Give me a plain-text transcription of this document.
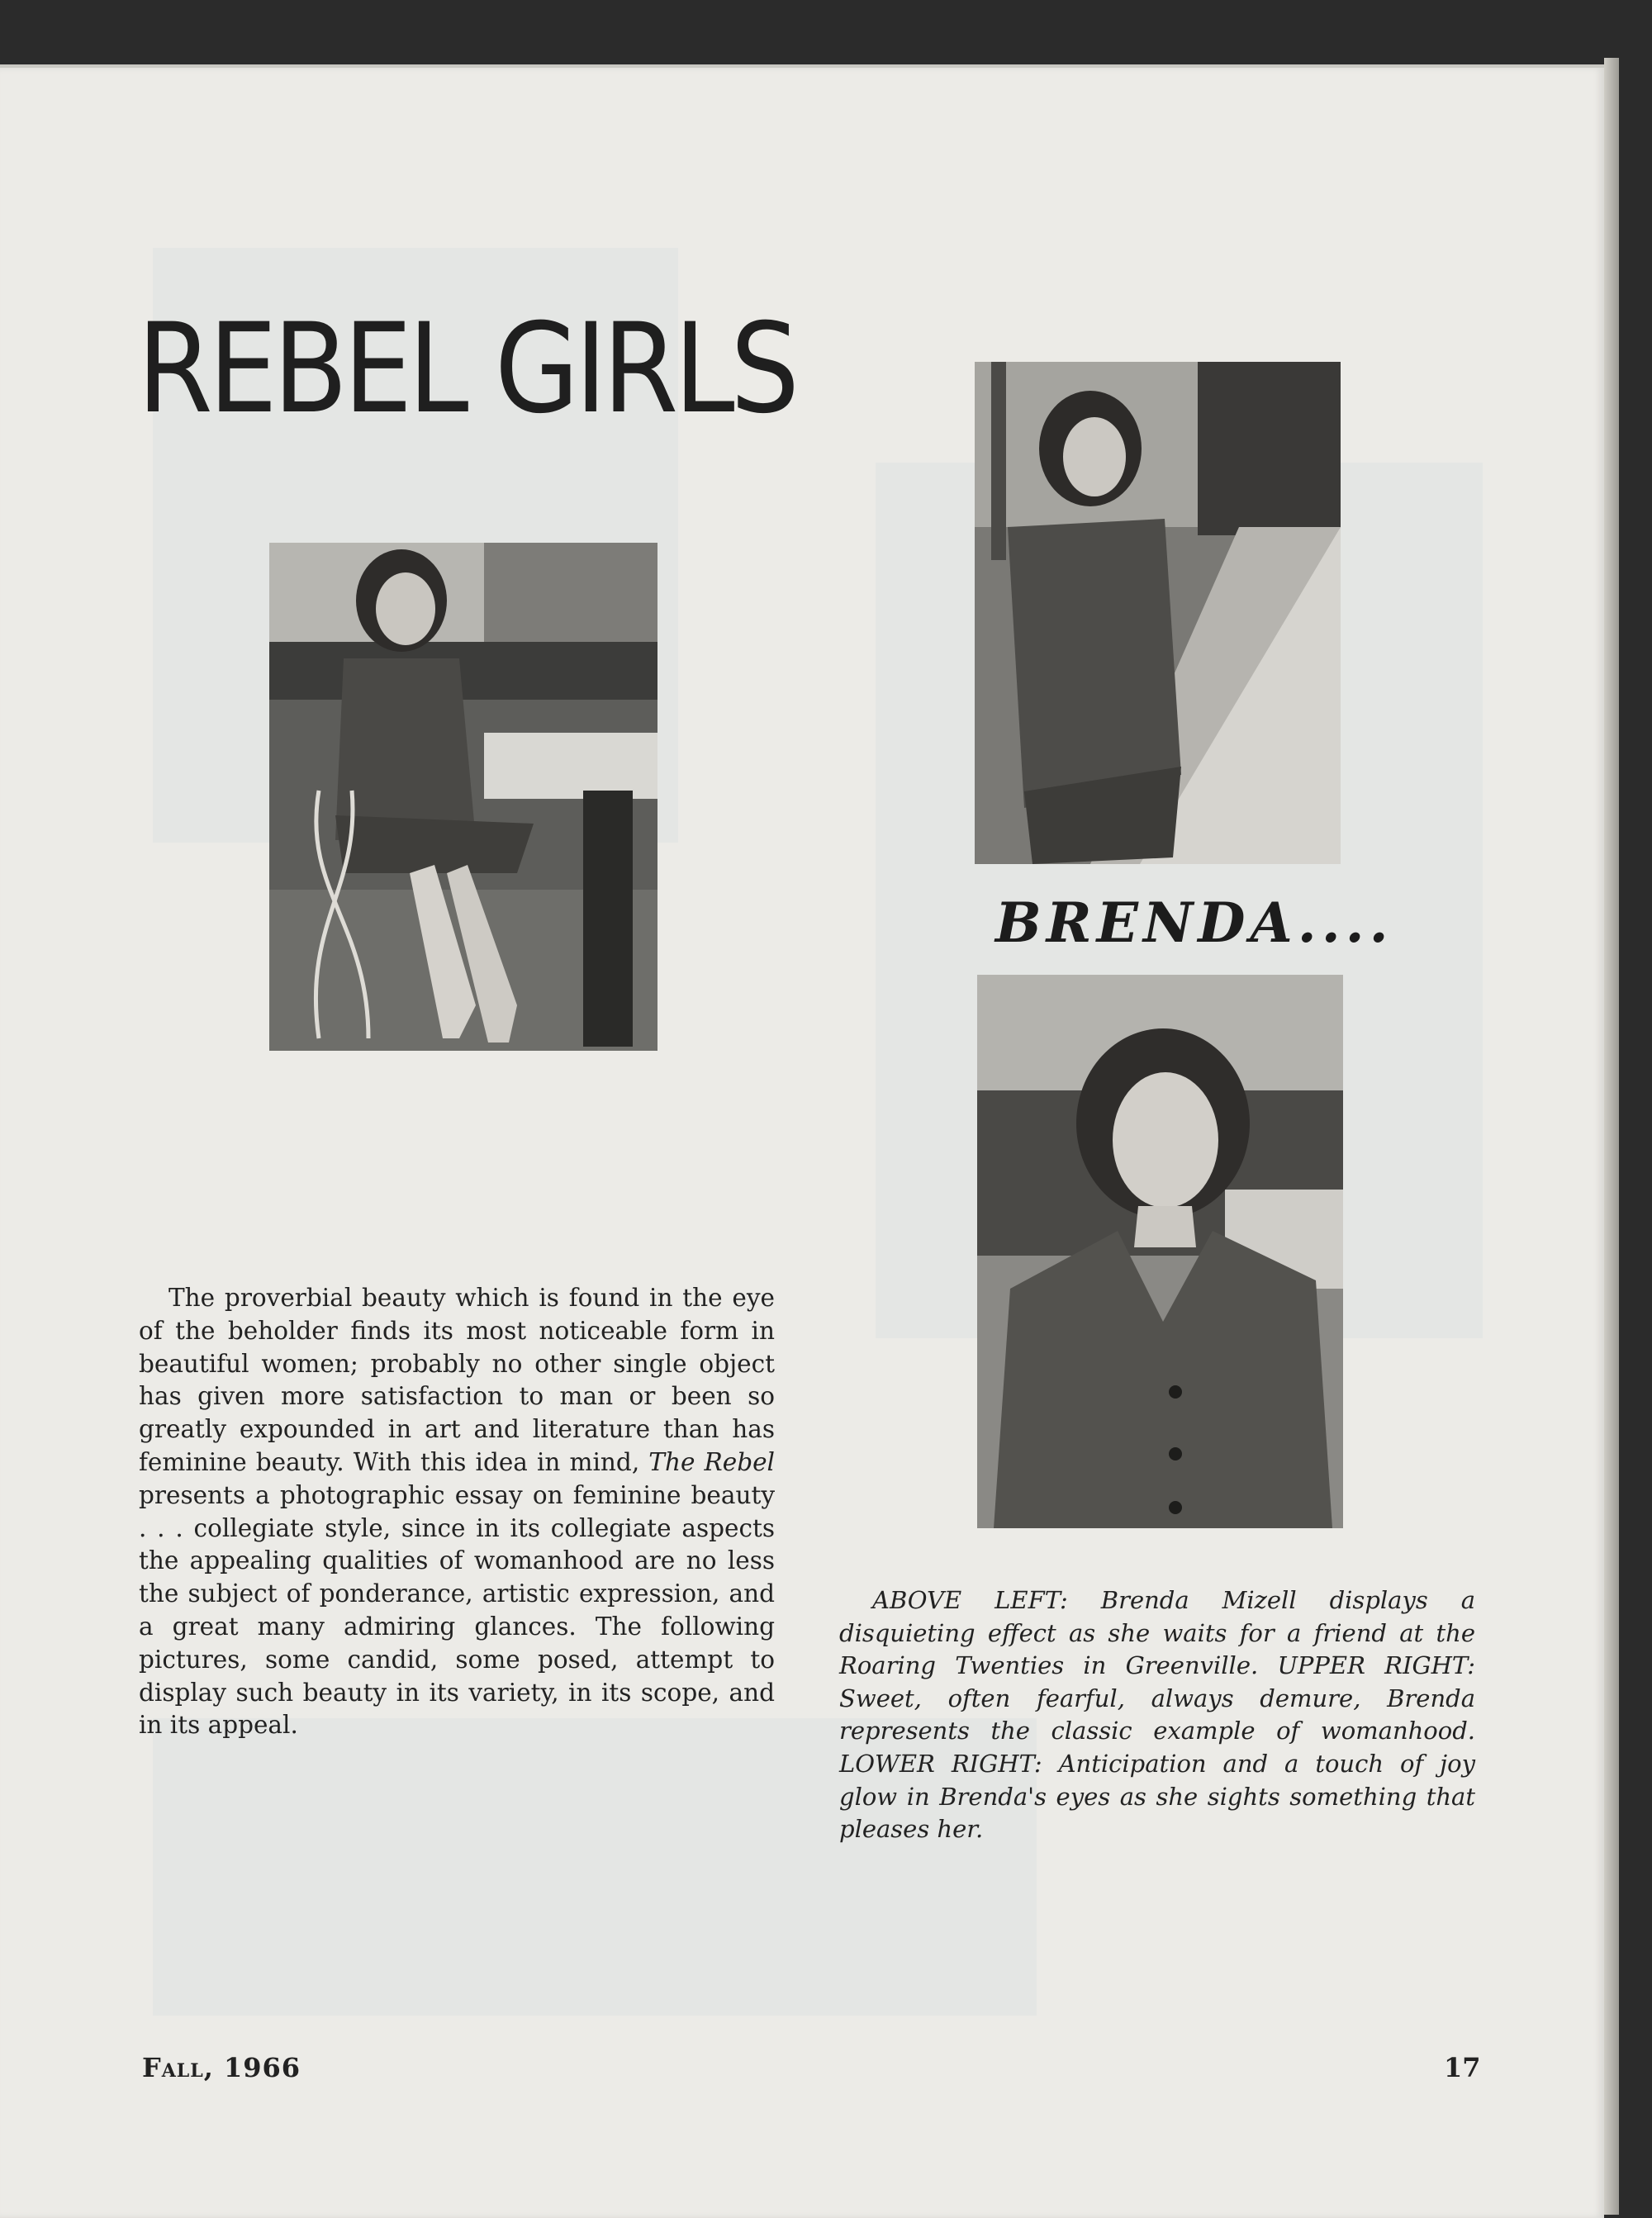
REBEL GIRLS
BRENDA....

The proverbial beauty which is found in the eye of the beholder finds its most noticeable form in beautiful women; probably no other single object has given more satisfaction to man or been so greatly expounded in art and literature than has feminine beauty. With this idea in mind, The Rebel presents a photographic essay on feminine beauty . . . collegiate style, since in its collegiate aspects the appealing qualities of womanhood are no less the subject of ponderance, artistic expression, and a great many admiring glances. The following pictures, some candid, some posed, attempt to display such beauty in its variety, in its scope, and in its appeal.

ABOVE LEFT: Brenda Mizell displays a disquieting effect as she waits for a friend at the Roaring Twenties in Greenville. UPPER RIGHT: Sweet, often fearful, always demure, Brenda represents the classic example of womanhood. LOWER RIGHT: Anticipation and a touch of joy glow in Brenda's eyes as she sights something that pleases her.

Fall, 1966	17
